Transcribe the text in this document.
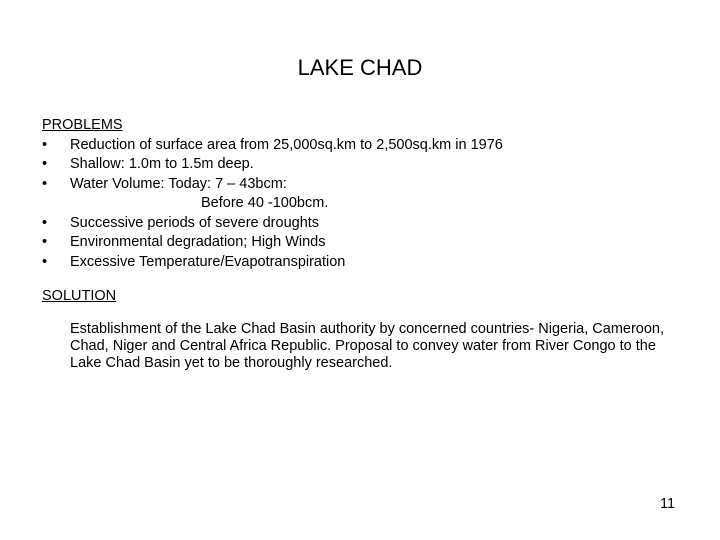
LAKE CHAD
PROBLEMS
•	Reduction of surface area from 25,000sq.km to 2,500sq.km in 1976
•	Shallow: 1.0m to 1.5m deep.
•	Water Volume: Today: 7 – 43bcm:
Before 40 -100bcm.
•	Successive periods of severe droughts
•	Environmental degradation; High Winds
•	Excessive Temperature/Evapotranspiration
SOLUTION
Establishment of the Lake Chad Basin authority by concerned countries- Nigeria, Cameroon, Chad, Niger and Central Africa Republic. Proposal to convey water from River Congo to the Lake Chad Basin yet to be thoroughly researched.
11
